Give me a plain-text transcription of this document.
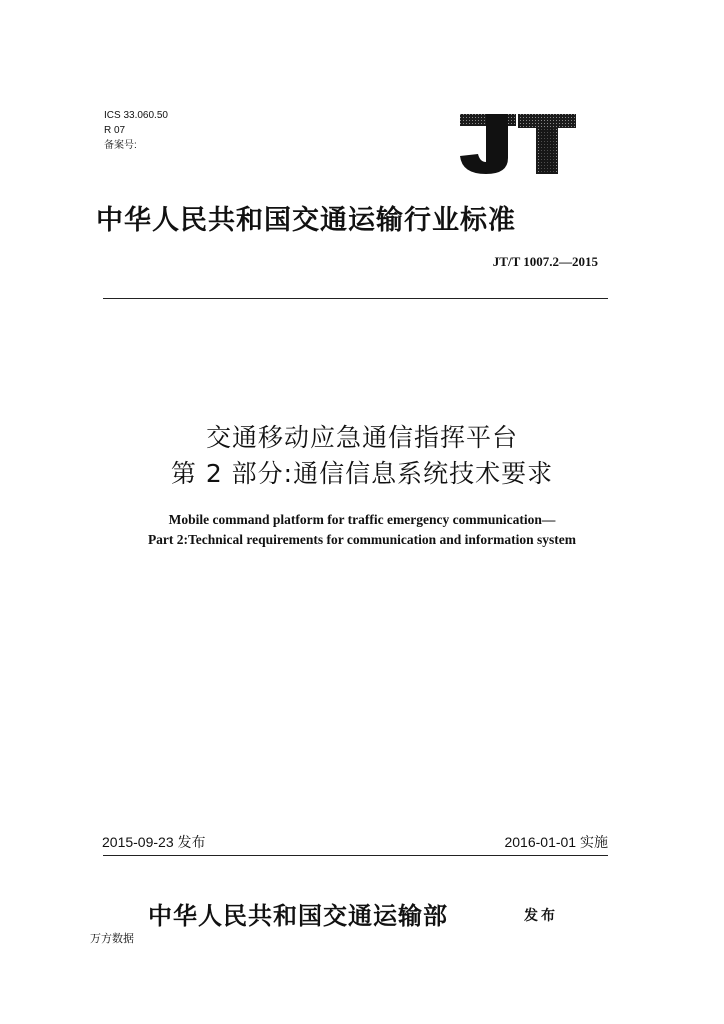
ICS 33.060.50
R 07
备案号:
中华人民共和国交通运输行业标准
JT/T 1007.2—2015
交通移动应急通信指挥平台
第 2 部分:通信信息系统技术要求
Mobile command platform for traffic emergency communication—
Part 2:Technical requirements for communication and information system
2015-09-23 发布	2016-01-01 实施
中华人民共和国交通运输部	发布
万方数据
